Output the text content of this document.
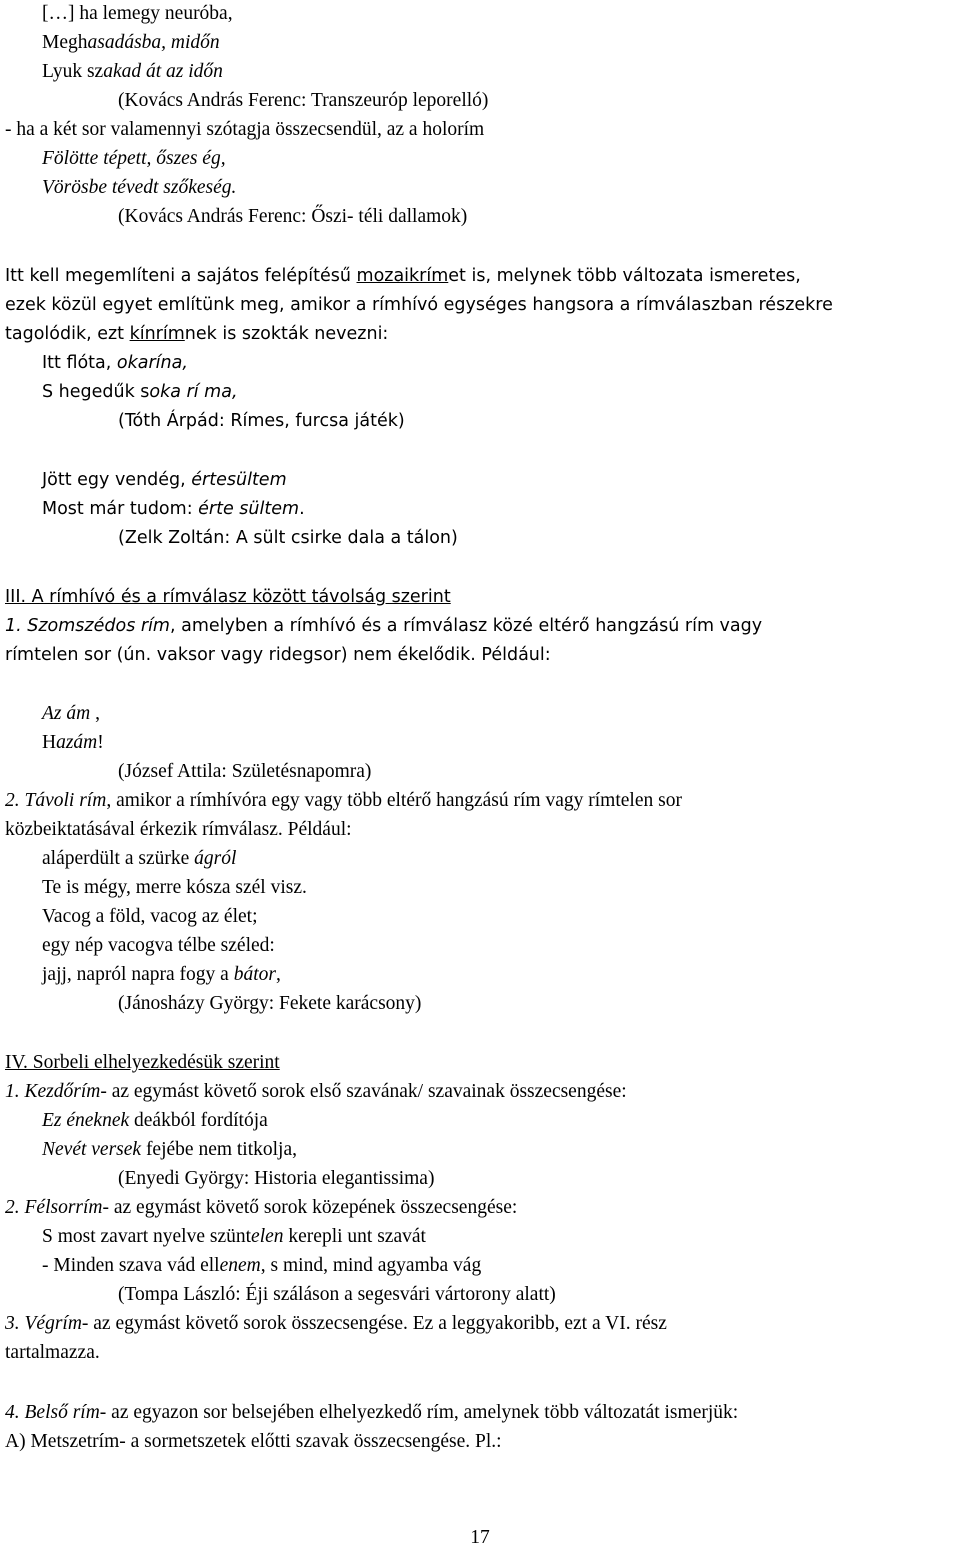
[…] ha lemegy neuróba,
Meghasadásba, midőn
Lyuk szakad át az időn
(Kovács András Ferenc: Transzeuróp leporelló)
- ha a két sor valamennyi szótagja összecsendül, az a holorím
Fölötte tépett, őszes ég,
Vörösbe tévedt szőkeség.
(Kovács András Ferenc: Őszi- téli dallamok)
Itt kell megemlíteni a sajátos felépítésű mozaikrímet is, melynek több változata ismeretes,
ezek közül egyet említünk meg, amikor a rímhívó egységes hangsora a rímválaszban részekre
tagolódik, ezt kínrímnek is szokták nevezni:
Itt flóta, okarína,
S hegedűk soka rí ma,
(Tóth Árpád: Rímes, furcsa játék)
Jött egy vendég, értesültem
Most már tudom: érte sültem.
(Zelk Zoltán: A sült csirke dala a tálon)
III. A rímhívó és a rímválasz között távolság szerint
1. Szomszédos rím, amelyben a rímhívó és a rímválasz közé eltérő hangzású rím vagy
rímtelen sor (ún. vaksor vagy ridegsor) nem ékelődik. Például:
Az ám ,
Hazám!
(József Attila: Születésnapomra)
2. Távoli rím, amikor a rímhívóra egy vagy több eltérő hangzású rím vagy rímtelen sor
közbeiktatásával érkezik rímválasz. Például:
aláperdült a szürke ágról
Te is mégy, merre kósza szél visz.
Vacog a föld, vacog az élet;
egy nép vacogva télbe széled:
jajj, napról napra fogy a bátor,
(Jánosházy György: Fekete karácsony)
IV. Sorbeli elhelyezkedésük szerint
1. Kezdőrím- az egymást követő sorok első szavának/ szavainak összecsengése:
Ez éneknek deákból fordítója
Nevét versek fejébe nem titkolja,
(Enyedi György: Historia elegantissima)
2. Félsorrím- az egymást követő sorok közepének összecsengése:
S most zavart nyelve szüntelen kerepli unt szavát
- Minden szava vád ellenem, s mind, mind agyamba vág
(Tompa László: Éji száláson a segesvári vártorony alatt)
3. Végrím- az egymást követő sorok összecsengése. Ez a leggyakoribb, ezt a VI. rész
tartalmazza.
4. Belső rím- az egyazon sor belsejében elhelyezkedő rím, amelynek több változatát ismerjük:
A) Metszetrím- a sormetszetek előtti szavak összecsengése. Pl.:
17
